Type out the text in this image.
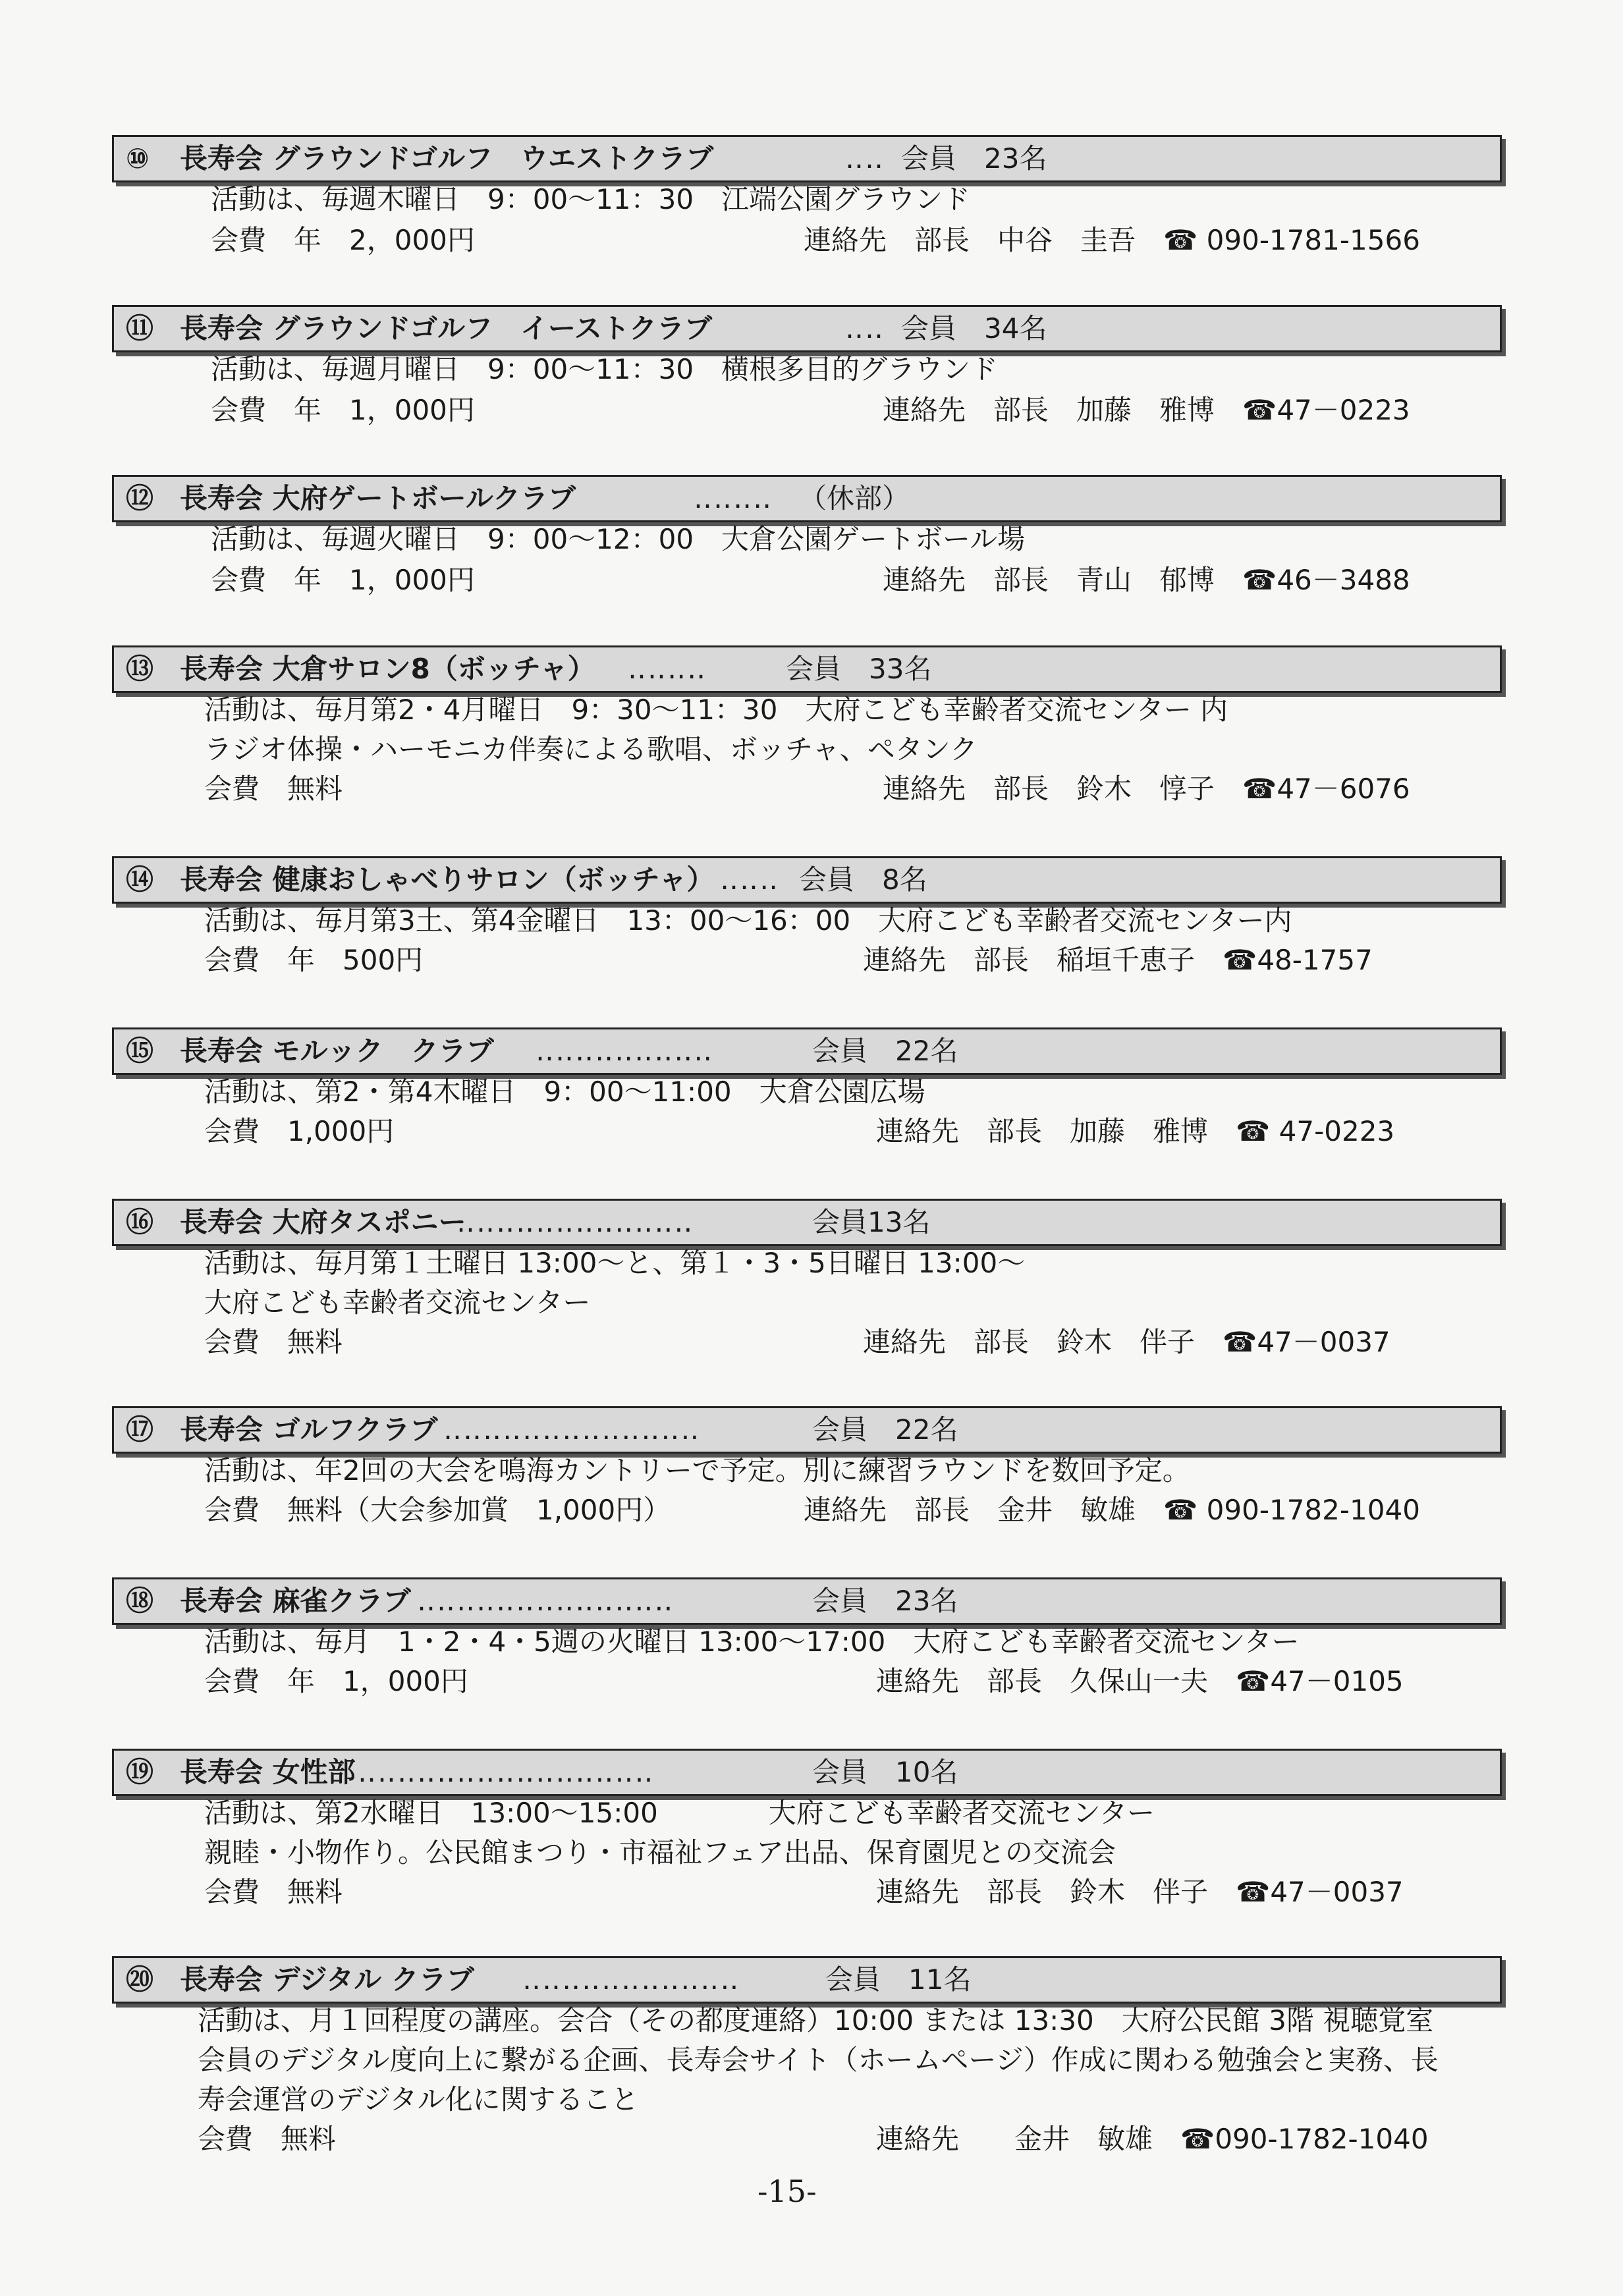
⑩ 長寿会 グラウンドゴルフ　ウエストクラブ	‥‥ 会員　23名
活動は、毎週木曜日　9：00～11：30　江端公園グラウンド
会費　年　2，000円	連絡先　部長　中谷　圭吾　☎ 090-1781-1566
⑪ 長寿会 グラウンドゴルフ　イーストクラブ	‥‥ 会員　34名
活動は、毎週月曜日　9：00～11：30　横根多目的グラウンド
会費　年　1，000円	連絡先　部長　加藤　雅博　☎47－0223
⑫ 長寿会 大府ゲートボールクラブ	‥‥‥‥ （休部）
活動は、毎週火曜日　9：00～12：00　大倉公園ゲートボール場
会費　年　1，000円	連絡先　部長　青山　郁博　☎46－3488
⑬ 長寿会 大倉サロン8（ボッチャ） ‥‥‥‥	会員　33名
活動は、毎月第2・4月曜日　9：30～11：30　大府こども幸齢者交流センター 内
ラジオ体操・ハーモニカ伴奏による歌唱、ボッチャ、ペタンク
会費　無料	連絡先　部長　鈴木　惇子　☎47－6076
⑭ 長寿会 健康おしゃべりサロン（ボッチャ） ‥‥‥ 会員　8名
活動は、毎月第3土、第4金曜日　13：00～16：00　大府こども幸齢者交流センター内
会費　年　500円	連絡先　部長　稲垣千恵子　☎48-1757
⑮ 長寿会 モルック　クラブ ‥‥‥‥‥‥‥‥‥	会員　22名
活動は、第2・第4木曜日　9：00～11:00　大倉公園広場
会費　1,000円	連絡先　部長　加藤　雅博　☎ 47-0223
⑯ 長寿会 大府タスポニー
‥‥‥‥‥‥‥‥‥‥‥‥	会員13名
活動は、毎月第１土曜日 13:00～と、第１・3・5日曜日 13:00～
大府こども幸齢者交流センター
会費　無料	連絡先　部長　鈴木　伴子　☎47－0037
⑰ 長寿会 ゴルフクラブ ‥‥‥‥‥‥‥‥‥‥‥‥‥	会員　22名
活動は、年2回の大会を鳴海カントリーで予定。別に練習ラウンドを数回予定。
会費　無料（大会参加賞　1,000円）	連絡先　部長　金井　敏雄　☎ 090-1782-1040
⑱ 長寿会 麻雀クラブ ‥‥‥‥‥‥‥‥‥‥‥‥‥	会員　23名
活動は、毎月　1・2・4・5週の火曜日 13:00～17:00　大府こども幸齢者交流センター
会費　年　1，000円	連絡先　部長　久保山一夫　☎47－0105
⑲ 長寿会 女性部 ‥‥‥‥‥‥‥‥‥‥‥‥‥‥‥	会員　10名
活動は、第2水曜日　13:00～15:00　　　　大府こども幸齢者交流センター
親睦・小物作り。公民館まつり・市福祉フェア出品、保育園児との交流会
会費　無料	連絡先　部長　鈴木　伴子　☎47－0037
⑳ 長寿会 デジタル クラブ ‥‥‥‥‥‥‥‥‥‥‥	会員　11名
活動は、月１回程度の講座。会合（その都度連絡）10:00 または 13:30　大府公民館 3階 視聴覚室
会員のデジタル度向上に繋がる企画、長寿会サイト（ホームページ）作成に関わる勉強会と実務、長
寿会運営のデジタル化に関すること
会費　無料	連絡先　　金井　敏雄　☎090-1782-1040
-15-
